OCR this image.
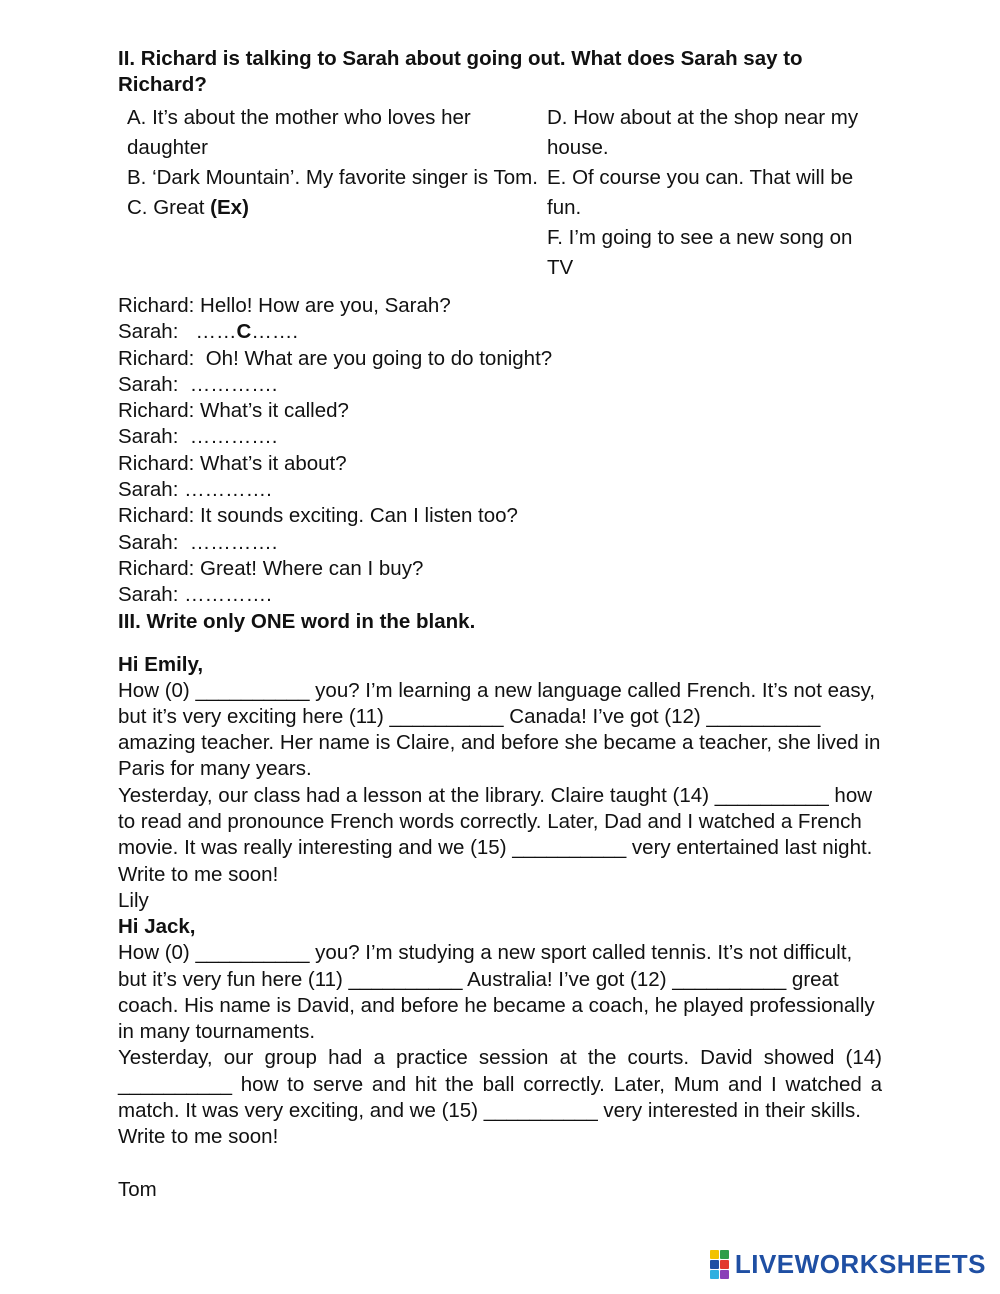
II. Richard is talking to Sarah about going out. What does Sarah say to Richard?

A. It’s about the mother who loves her daughter

B. ‘Dark Mountain’. My favorite singer is Tom.

C. Great (Ex)

D. How about at the shop near my house.

E. Of course you can. That will be fun.

F. I’m going to see a new song on TV

Richard: Hello! How are you, Sarah?
Sarah:   ……C…….
Richard:  Oh! What are you going to do tonight?
Sarah:  ………….
Richard: What’s it called?
Sarah:  ………….
Richard: What’s it about?
Sarah: ………….
Richard: It sounds exciting. Can I listen too?
Sarah:  ………….
Richard: Great! Where can I buy?
Sarah: ………….
III. Write only ONE word in the blank.
Hi Emily,
How (0) __________ you? I’m learning a new language called French. It’s not easy, but it’s very exciting here (11) __________ Canada! I’ve got (12) __________ amazing teacher. Her name is Claire, and before she became a teacher, she lived in Paris for many years.
Yesterday, our class had a lesson at the library. Claire taught (14) __________ how to read and pronounce French words correctly. Later, Dad and I watched a French movie. It was really interesting and we (15) __________ very entertained last night.
Write to me soon!
Lily
Hi Jack,
How (0) __________ you? I’m studying a new sport called tennis. It’s not difficult, but it’s very fun here (11) __________ Australia! I’ve got (12) __________ great coach. His name is David, and before he became a coach, he played professionally in many tournaments.
Yesterday, our group had a practice session at the courts. David showed (14) __________ how to serve and hit the ball correctly. Later, Mum and I watched a match. It was very exciting, and we (15) __________ very interested in their skills.
Write to me soon!
Tom
LIVEWORKSHEETS
